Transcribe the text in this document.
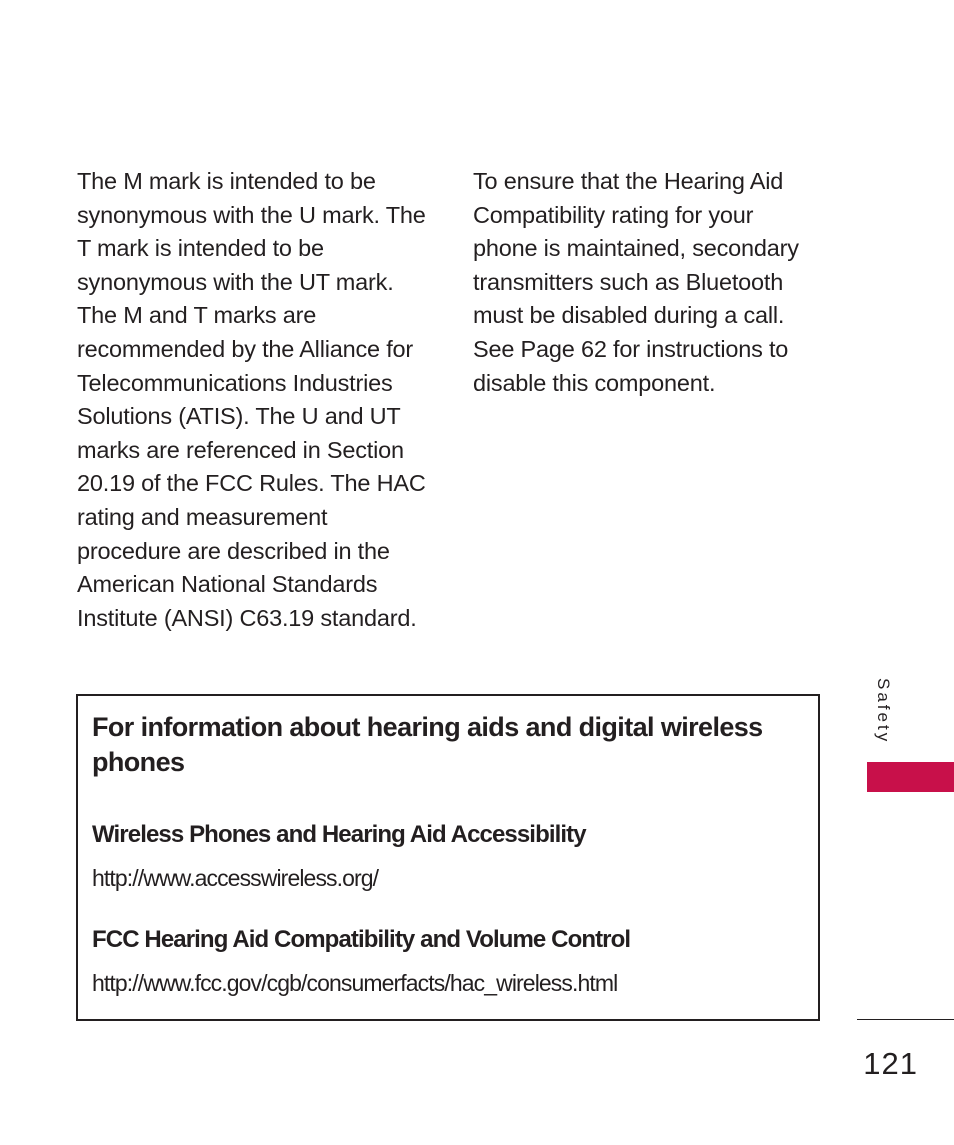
The M mark is intended to be synonymous with the U mark. The T mark is intended to be synonymous with the UT mark. The M and T marks are recommended by the Alliance for Telecommunications Industries Solutions (ATIS). The U and UT marks are referenced in Section 20.19 of the FCC Rules. The HAC rating and measurement procedure are described in the American National Standards Institute (ANSI) C63.19 standard.

To ensure that the Hearing Aid Compatibility rating for your phone is maintained, secondary transmitters such as Bluetooth must be disabled during a call. See Page 62 for instructions to disable this component.

For information about hearing aids and digital wireless phones
Wireless Phones and Hearing Aid Accessibility

http://www.accesswireless.org/

FCC Hearing Aid Compatibility and Volume Control

http://www.fcc.gov/cgb/consumerfacts/hac_wireless.html

Safety
121
